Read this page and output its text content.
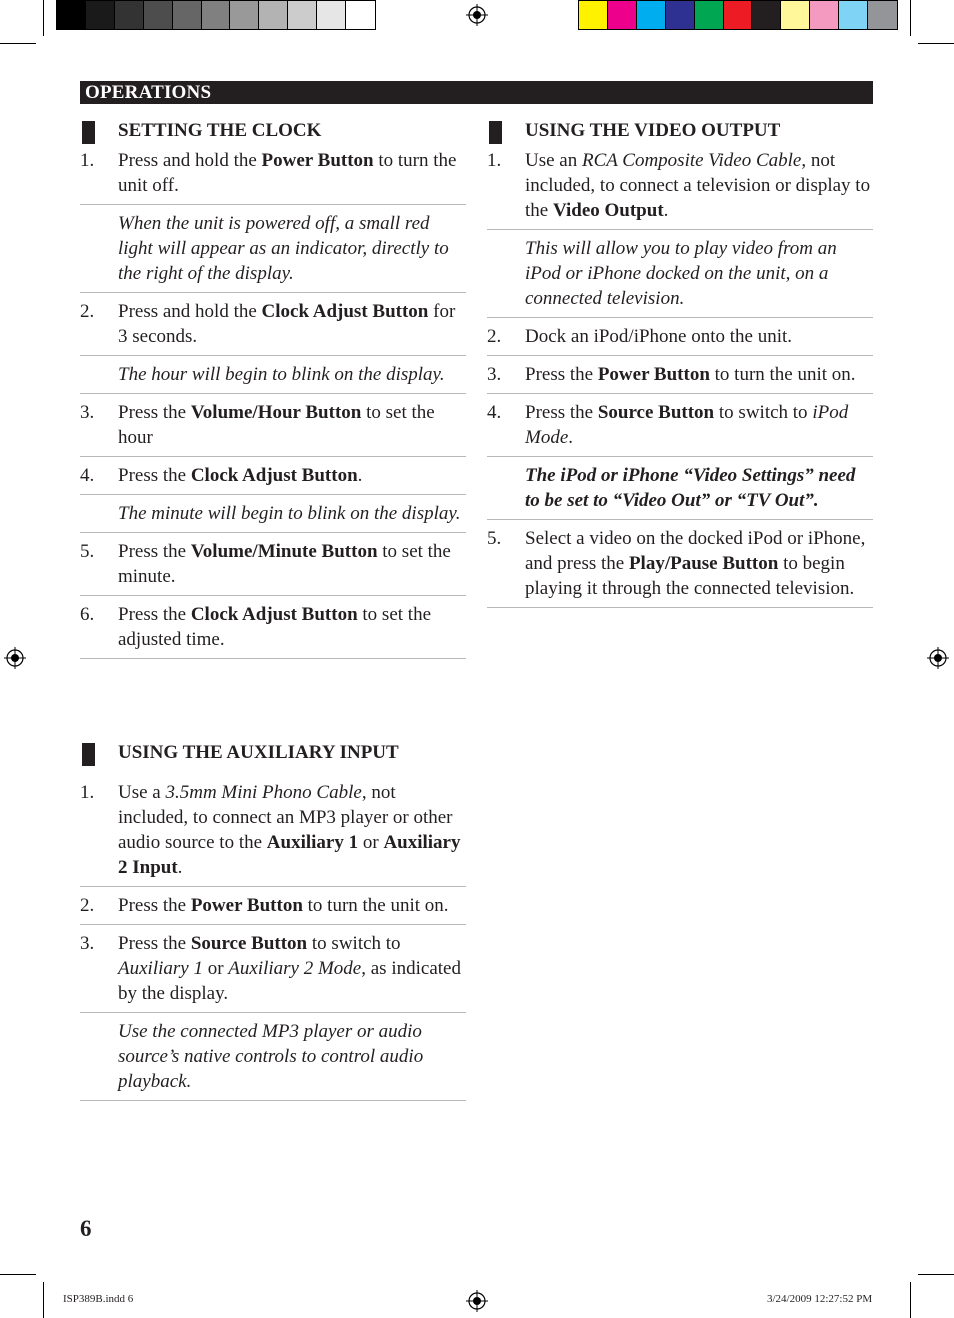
OPERATIONS
SETTING THE CLOCK
1. Press and hold the Power Button to turn the unit off.
When the unit is powered off, a small red light will appear as an indicator, directly to the right of the display.
2. Press and hold the Clock Adjust Button for 3 seconds.
The hour will begin to blink on the display.
3. Press the Volume/Hour Button to set the hour
4. Press the Clock Adjust Button.
The minute will begin to blink on the display.
5. Press the Volume/Minute Button to set the minute.
6. Press the Clock Adjust Button to set the adjusted time.
USING THE AUXILIARY INPUT
1. Use a 3.5mm Mini Phono Cable, not included, to connect an MP3 player or other audio source to the Auxiliary 1 or Auxiliary 2 Input.
2. Press the Power Button to turn the unit on.
3. Press the Source Button to switch to Auxiliary 1 or Auxiliary 2 Mode, as indicated by the display.
Use the connected MP3 player or audio source’s native controls to control audio playback.
USING THE VIDEO OUTPUT
1. Use an RCA Composite Video Cable, not included, to connect a television or display to the Video Output.
This will allow you to play video from an iPod or iPhone docked on the unit, on a connected television.
2. Dock an iPod/iPhone onto the unit.
3. Press the Power Button to turn the unit on.
4. Press the Source Button to switch to iPod Mode.
The iPod or iPhone “Video Settings” need to be set to “Video Out” or “TV Out”.
5. Select a video on the docked iPod or iPhone, and press the Play/Pause Button to begin playing it through the connected television.
6
ISP389B.indd 6	3/24/2009 12:27:52 PM
